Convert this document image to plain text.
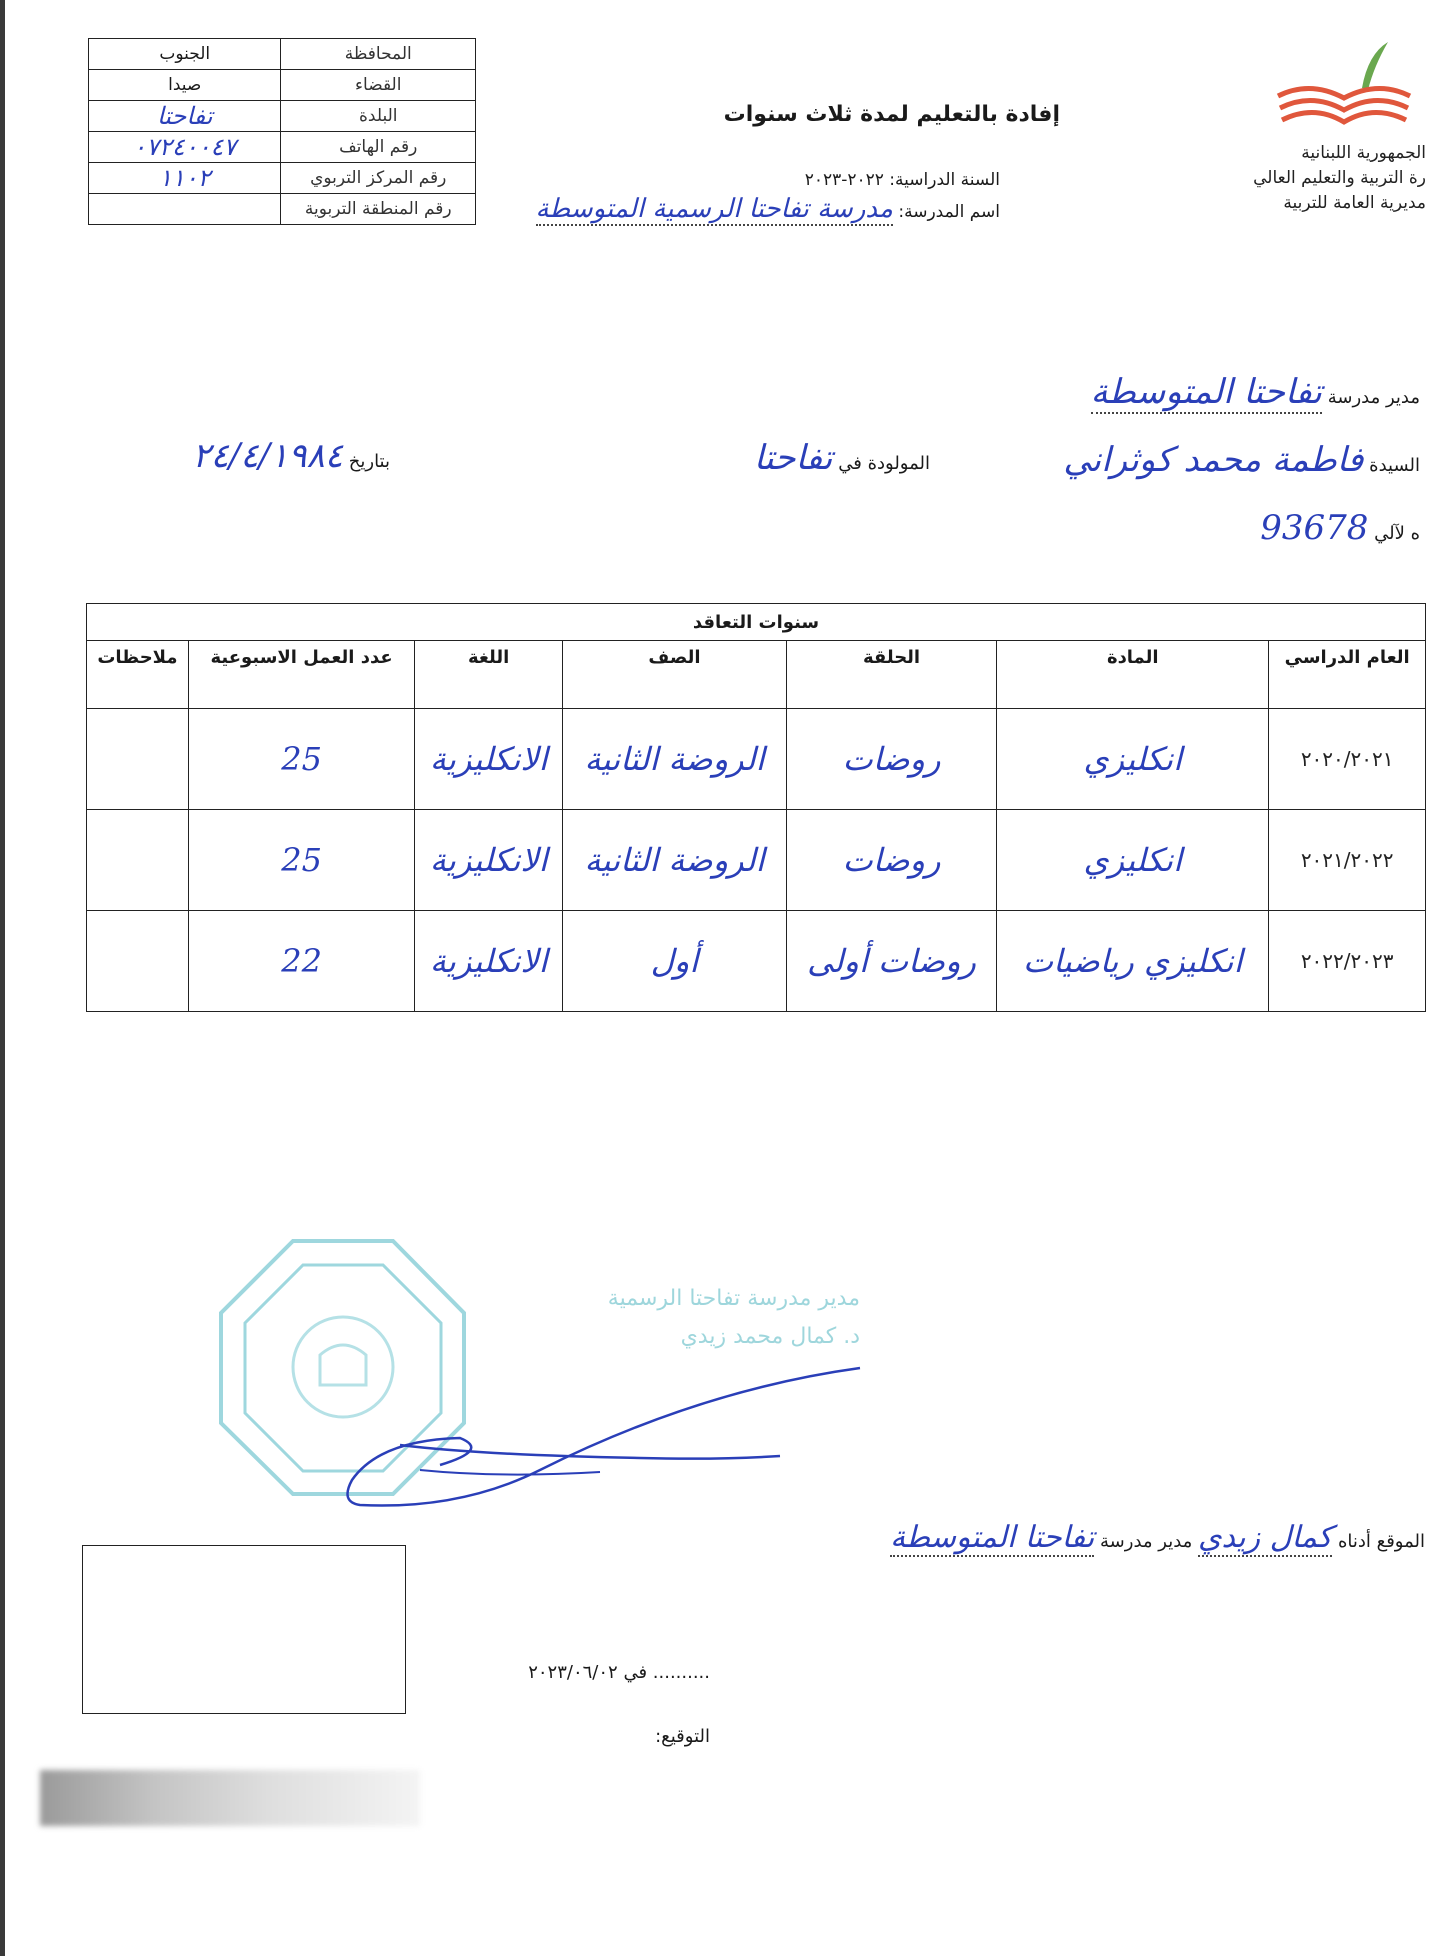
الجنوب	المحافظة
صيدا	القضاء
تفاحتا	البلدة
٠٧٢٤٠٠٤٧	رقم الهاتف
١١٠٢	رقم المركز التربوي
	رقم المنطقة التربوية
الجمهورية اللبنانية
رة التربية والتعليم العالي
مديرية العامة للتربية
إفادة بالتعليم لمدة ثلاث سنوات
السنة الدراسية: ٢٠٢٢-٢٠٢٣
اسم المدرسة: مدرسة تفاحتا الرسمية المتوسطة
مدير مدرسة تفاحتا المتوسطة
السيدة فاطمة محمد كوثراني
المولودة في تفاحتا
بتاريخ ٢٤/٤/١٩٨٤
ه لآلي 93678
سنوات التعاقد						
العام الدراسي	المادة	الحلقة	الصف	اللغة	عدد العمل الاسبوعية	ملاحظات
٢٠٢٠/٢٠٢١	انكليزي	روضات	الروضة الثانية	الانكليزية	25	
٢٠٢١/٢٠٢٢	انكليزي	روضات	الروضة الثانية	الانكليزية	25	
٢٠٢٢/٢٠٢٣	انكليزي رياضيات	روضات أولى	أول	الانكليزية	22	
مدير مدرسة تفاحتا الرسمية
د. كمال محمد زيدي
الموقع أدناه كمال زيدي مدير مدرسة تفاحتا المتوسطة
.......... في ٢٠٢٣/٠٦/٠٢
التوقيع:
